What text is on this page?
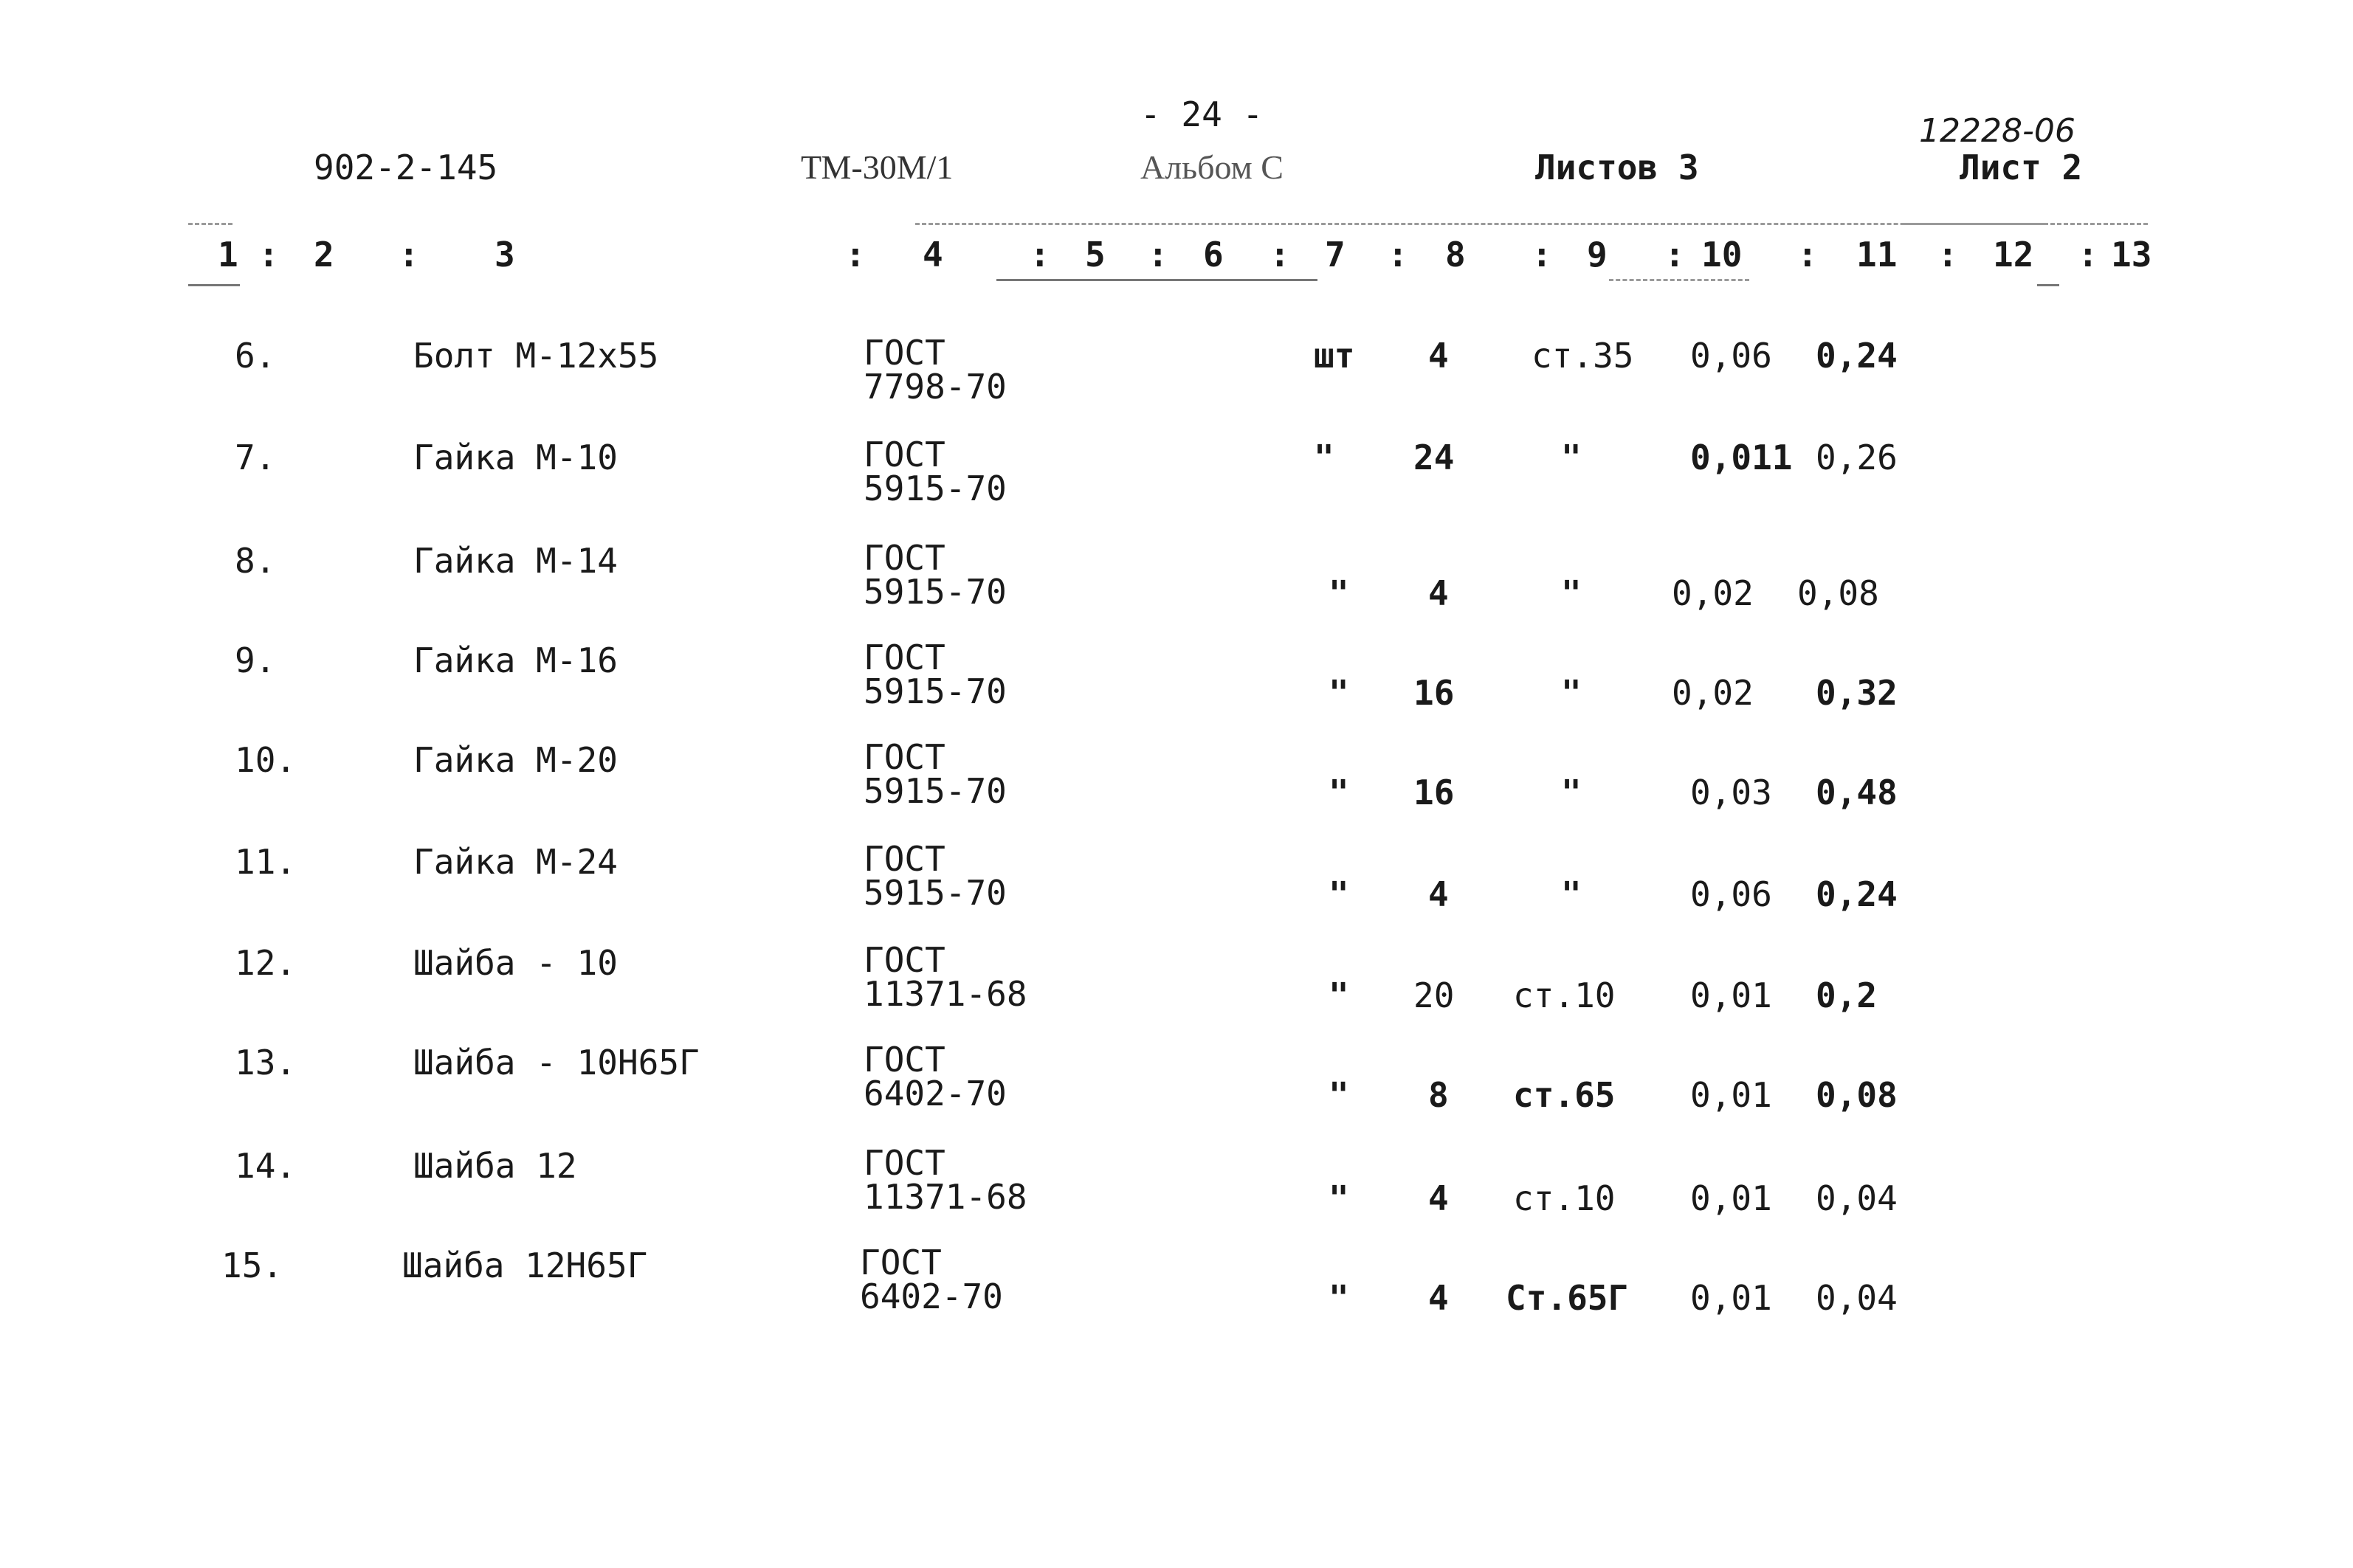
- 24 -
902-2-145	ТМ-30М/1	Альбом С	Листов 3
12228-06
Лист 2
1 : 2 : 3	: 4	: 5 : 6 : 7 : 8 : 9 : 10 : 11 : 12 : 13
6.	Болт М-12х55	ГОСТ
7798-70
шт 4 ст.35 0,06 0,24
7.	Гайка М-10	ГОСТ
5915-70
" 24	"	0,011 0,26
8.	Гайка М-14	ГОСТ
5915-70	" 4	"	0,02 0,08
9.	Гайка М-16	ГОСТ
5915-70	" 16	"	0,02 0,32
10.	Гайка М-20	ГОСТ
5915-70	" 16	"	0,03 0,48
11.	Гайка М-24	ГОСТ
5915-70	" 4	"	0,06 0,24
12.	Шайба - 10	ГОСТ
11371-68	" 20 ст.10 0,01 0,2
13.	Шайба - 10Н65Г	ГОСТ
6402-70	" 8 ст.65 0,01 0,08
14.	Шайба 12	ГОСТ
11371-68	" 4 ст.10 0,01 0,04
15.	Шайба 12Н65Г	ГОСТ
6402-70	" 4 Ст.65Г 0,01 0,04
